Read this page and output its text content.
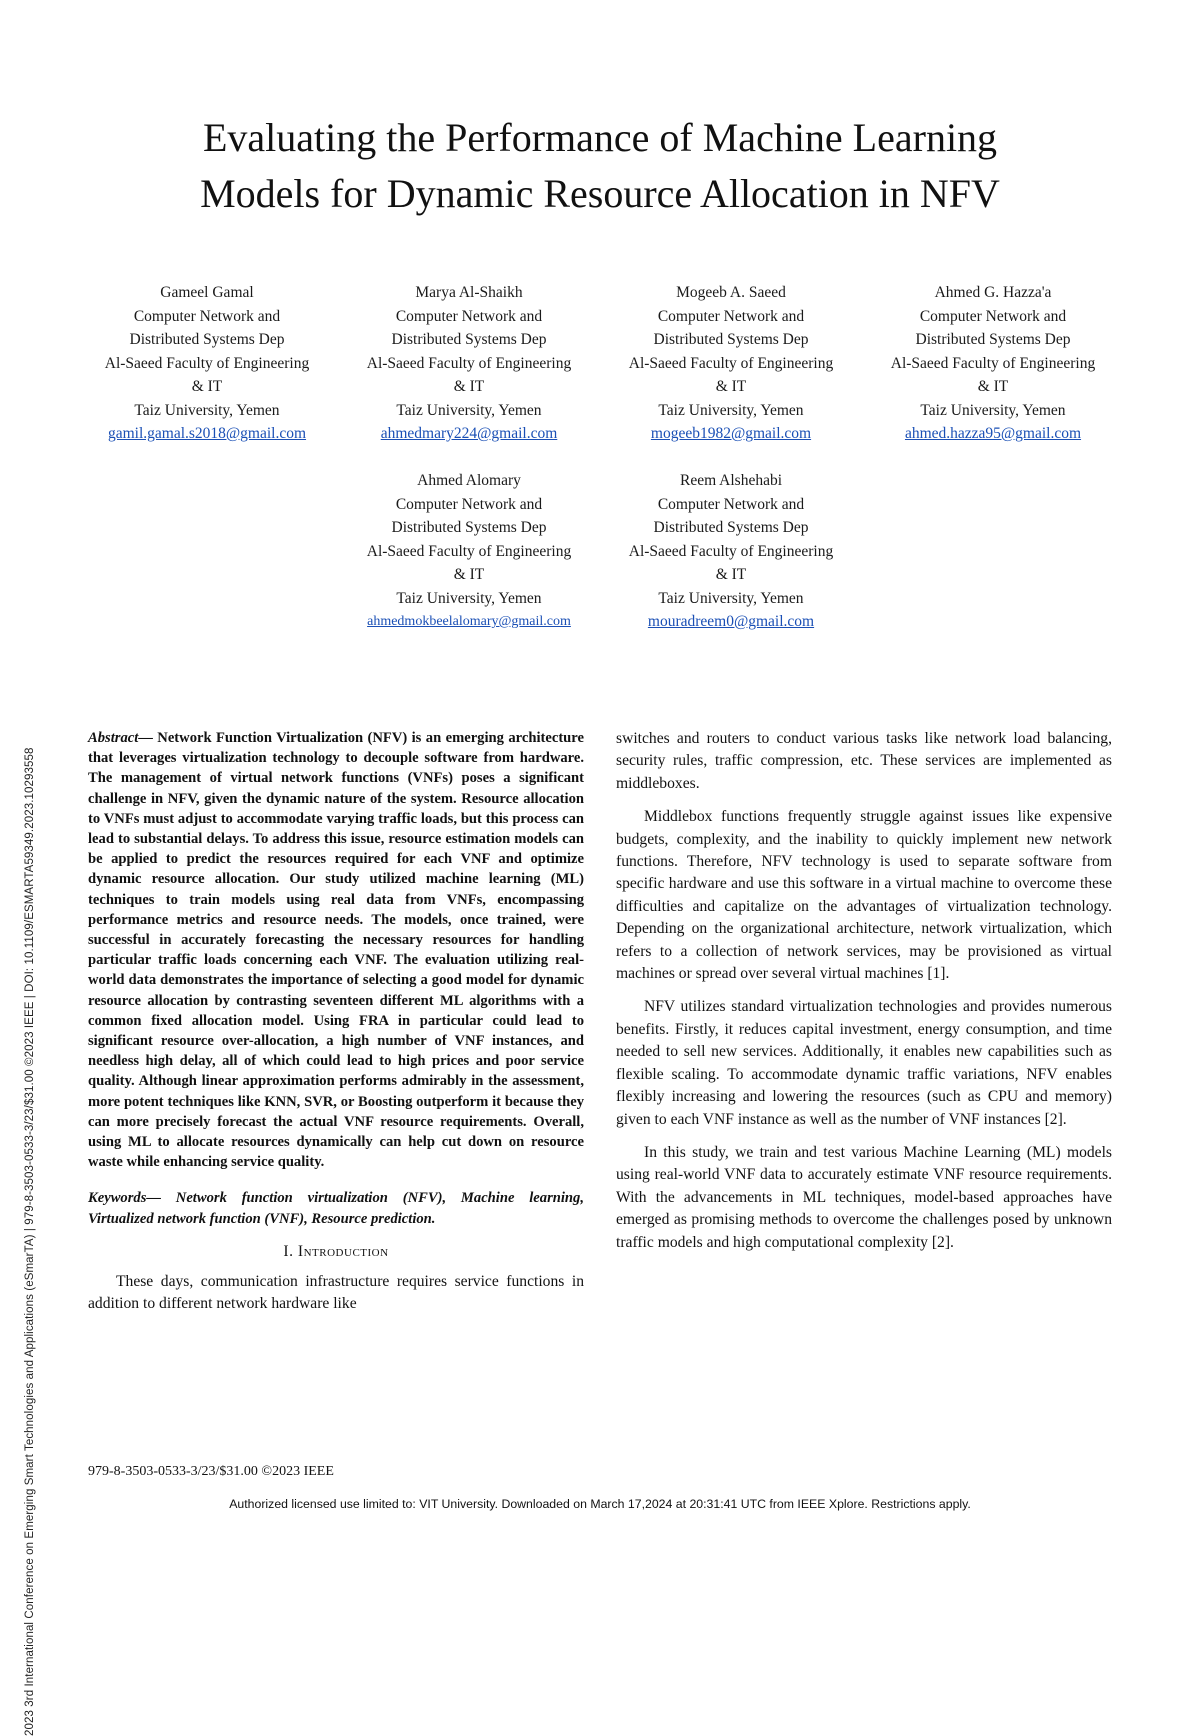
2023 3rd International Conference on Emerging Smart Technologies and Applications (eSmarTA) | 979-8-3503-0533-3/23/$31.00 ©2023 IEEE | DOI: 10.1109/ESMARTA59349.2023.10293558
Evaluating the Performance of Machine Learning
Models for Dynamic Resource Allocation in NFV
Gameel Gamal
Computer Network and
Distributed Systems Dep
Al-Saeed Faculty of Engineering
& IT
Taiz University, Yemen
gamil.gamal.s2018@gmail.com
Marya Al-Shaikh
Computer Network and
Distributed Systems Dep
Al-Saeed Faculty of Engineering
& IT
Taiz University, Yemen
ahmedmary224@gmail.com
Mogeeb A. Saeed
Computer Network and
Distributed Systems Dep
Al-Saeed Faculty of Engineering
& IT
Taiz University, Yemen
mogeeb1982@gmail.com
Ahmed G. Hazza'a
Computer Network and
Distributed Systems Dep
Al-Saeed Faculty of Engineering
& IT
Taiz University, Yemen
ahmed.hazza95@gmail.com
Ahmed Alomary
Computer Network and
Distributed Systems Dep
Al-Saeed Faculty of Engineering
& IT
Taiz University, Yemen
ahmedmokbeelalomary@gmail.com
Reem Alshehabi
Computer Network and
Distributed Systems Dep
Al-Saeed Faculty of Engineering
& IT
Taiz University, Yemen
mouradreem0@gmail.com

Abstract— Network Function Virtualization (NFV) is an emerging architecture that leverages virtualization technology to decouple software from hardware. The management of virtual network functions (VNFs) poses a significant challenge in NFV, given the dynamic nature of the system. Resource allocation to VNFs must adjust to accommodate varying traffic loads, but this process can lead to substantial delays. To address this issue, resource estimation models can be applied to predict the resources required for each VNF and optimize dynamic resource allocation. Our study utilized machine learning (ML) techniques to train models using real data from VNFs, encompassing performance metrics and resource needs. The models, once trained, were successful in accurately forecasting the necessary resources for handling particular traffic loads concerning each VNF. The evaluation utilizing real-world data demonstrates the importance of selecting a good model for dynamic resource allocation by contrasting seventeen different ML algorithms with a common fixed allocation model. Using FRA in particular could lead to significant resource over-allocation, a high number of VNF instances, and needless high delay, all of which could lead to high prices and poor service quality. Although linear approximation performs admirably in the assessment, more potent techniques like KNN, SVR, or Boosting outperform it because they can more precisely forecast the actual VNF resource requirements. Overall, using ML to allocate resources dynamically can help cut down on resource waste while enhancing service quality.

Keywords— Network function virtualization (NFV), Machine learning, Virtualized network function (VNF), Resource prediction.

I. Introduction

These days, communication infrastructure requires service functions in addition to different network hardware like

switches and routers to conduct various tasks like network load balancing, security rules, traffic compression, etc. These services are implemented as middleboxes.

Middlebox functions frequently struggle against issues like expensive budgets, complexity, and the inability to quickly implement new network functions. Therefore, NFV technology is used to separate software from specific hardware and use this software in a virtual machine to overcome these difficulties and capitalize on the advantages of virtualization technology. Depending on the organizational architecture, network virtualization, which refers to a collection of network services, may be provisioned as virtual machines or spread over several virtual machines [1].

NFV utilizes standard virtualization technologies and provides numerous benefits. Firstly, it reduces capital investment, energy consumption, and time needed to sell new services. Additionally, it enables new capabilities such as flexible scaling. To accommodate dynamic traffic variations, NFV enables flexibly increasing and lowering the resources (such as CPU and memory) given to each VNF instance as well as the number of VNF instances [2].

In this study, we train and test various Machine Learning (ML) models using real-world VNF data to accurately estimate VNF resource requirements. With the advancements in ML techniques, model-based approaches have emerged as promising methods to overcome the challenges posed by unknown traffic models and high computational complexity [2].

979-8-3503-0533-3/23/$31.00 ©2023 IEEE
Authorized licensed use limited to: VIT University. Downloaded on March 17,2024 at 20:31:41 UTC from IEEE Xplore. Restrictions apply.
